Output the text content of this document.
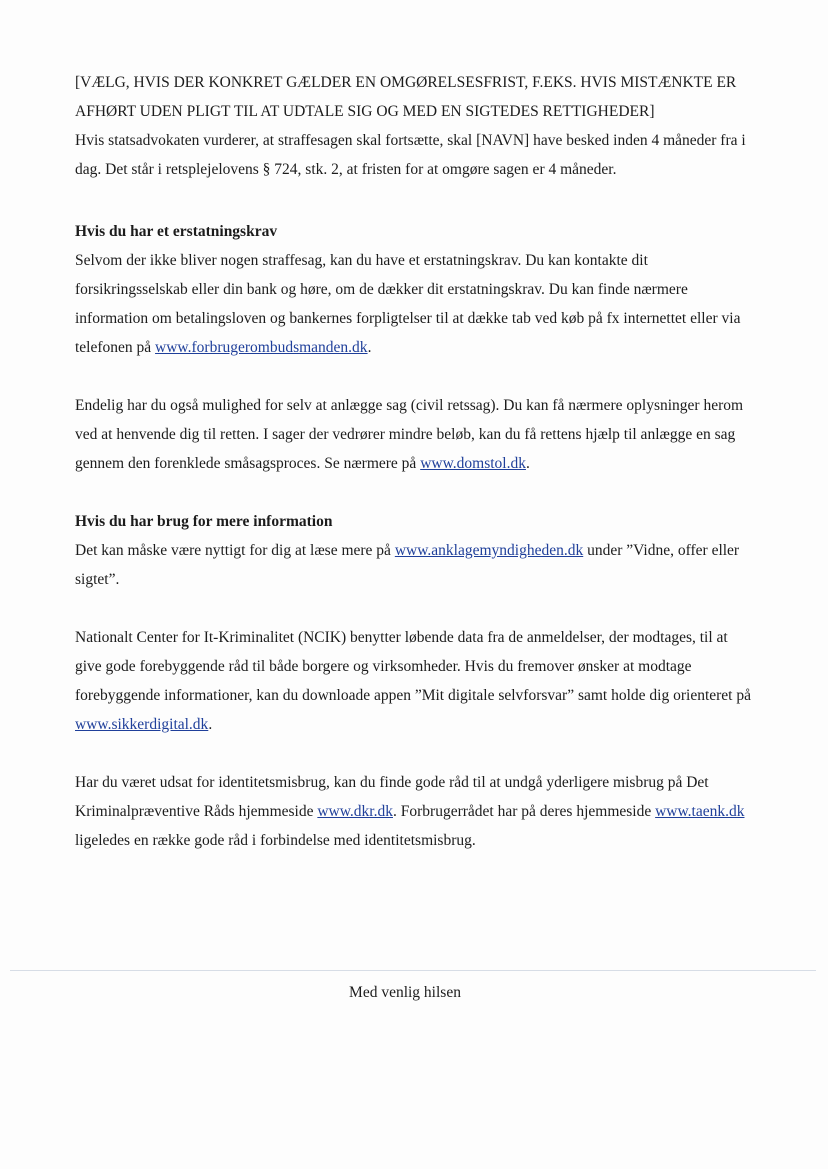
[VÆLG, HVIS DER KONKRET GÆLDER EN OMGØRELSESFRIST, F.EKS. HVIS MISTÆNKTE ER AFHØRT UDEN PLIGT TIL AT UDTALE SIG OG MED EN SIGTEDES RETTIGHEDER]

Hvis statsadvokaten vurderer, at straffesagen skal fortsætte, skal [NAVN] have besked inden 4 måneder fra i dag. Det står i retsplejelovens § 724, stk. 2, at fristen for at omgøre sagen er 4 måneder.

Hvis du har et erstatningskrav

Selvom der ikke bliver nogen straffesag, kan du have et erstatningskrav. Du kan kontakte dit forsikringsselskab eller din bank og høre, om de dækker dit erstatningskrav. Du kan finde nærmere information om betalingsloven og bankernes forpligtelser til at dække tab ved køb på fx internettet eller via telefonen på www.forbrugerombudsmanden.dk.

Endelig har du også mulighed for selv at anlægge sag (civil retssag). Du kan få nærmere oplysninger herom ved at henvende dig til retten. I sager der vedrører mindre beløb, kan du få rettens hjælp til anlægge en sag gennem den forenklede småsagsproces. Se nærmere på www.domstol.dk.

Hvis du har brug for mere information

Det kan måske være nyttigt for dig at læse mere på www.anklagemyndigheden.dk under ”Vidne, offer eller sigtet”.

Nationalt Center for It-Kriminalitet (NCIK) benytter løbende data fra de anmeldelser, der modtages, til at give gode forebyggende råd til både borgere og virksomheder. Hvis du fremover ønsker at modtage forebyggende informationer, kan du downloade appen ”Mit digitale selvforsvar” samt holde dig orienteret på www.sikkerdigital.dk.

Har du været udsat for identitetsmisbrug, kan du finde gode råd til at undgå yderligere misbrug på Det Kriminalpræventive Råds hjemmeside www.dkr.dk. Forbrugerrådet har på deres hjemmeside www.taenk.dk ligeledes en række gode råd i forbindelse med identitetsmisbrug.

Med venlig hilsen
